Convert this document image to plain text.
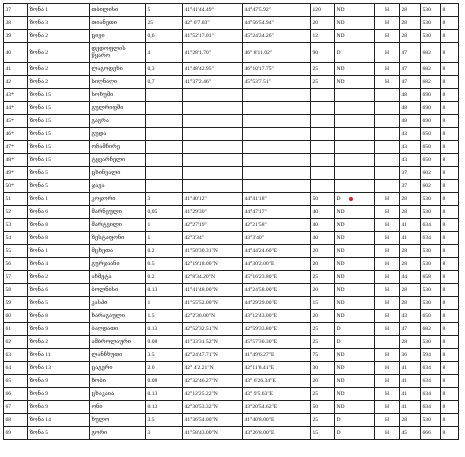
37	ზონა 1	თბილისი	5	41°41'44.49"	44°47'5.92"	120	ND	H	28	530	8
38	ზონა 3	თიანეთი	25	42° 6'7.03"	44°56'54.94"	20	ND	H	28	530	8
39	ზონა 2	ცივი	0,6	41°52'17.01"	45°24'34.26"	12	ND	H	28	530	8
40	ზონა 2	დედოფლის წყარო	4	41°28'1.70"	46° 8'11.02"	90	D	H	47	682	8
41	ზონა 2	ლაგოდეხი	0,3	41°48'42.95"	46°10'17.75"	25	ND	H	47	682	8
42	ზონა 2	სიღნაღი	0,7	41°37'2.46"	45°53'7.51"	25	ND	H	47	682	8
43*	ზონა 15	სოხუმი							48	690	8
44*	ზონა 15	გულრიფში							48	690	8
45*	ზონა 15	გაგრა							48	690	8
46*	ზონა 15	გუდა							43	650	8
47*	ზონა 15	ოჩამჩირე							43	650	8
48*	ზონა 15	ტყვარჩელი							43	650	8
49*	ზონა 5	ცხინვალი							37	602	8
50*	ზონა 5	ჯავა							37	602	8
51	ზონა 1	კოჯორი	3	41°40'12"	44°41'18"	50	D	H	28	530	8
52	ზონა 6	მარნეული	0,05	41°29'30"	44°47'17"	40	ND	H	28	530	8
53	ზონა 8	მარტვილი	1	42°27'19"	42°21'58"	40	ND	H	41	634	8
54	ზონა 8	ზესტაფონი	1	42°3'34"	43°3'40"	40	ND	H	41	634	8
55	ზონა 1	მცხეთა	0.2	41°50'30.31"N	44°44'24.60"E	20	ND	H	28	530	8
56	ზონა 4	გურჯაანი	0.5	42°19'18.00"N	44°30'2.00"E	20	ND	H	28	530	8
57	ზონა 2	ახმეტა	0.2	42°8'34.20"N	45°16'23.80"E	25	ND	H	44	658	8
58	ზონა 6	ბოლნისი	0.13	41°41'48.00"N	44°24'58.00"E	20	ND	H	28	530	8
59	ზონა 5	კასპი	1	41°55'52.00"N	44°29'29.00"E	15	ND	H	28	530	8
60	ზონა 8	ხარაგაული	1.5	42°2'30.00"N	43°12'43.00"E	20	ND	H	43	650	8
61	ზონა 9	ბაღდათი	0.13	42°52'32.51"N	42°59'33.80"E	25	D	H	47	682	8
62	ზონა 2	ამბროლაური	0.08	41°33'31.52"N	45°57'30.30"E	25	D		28	530	8
63	ზონა 11	ლანჩხუთი	3.5	42°24'47.71"N	41°49'6.27"E	75	ND	H	36	594	8
64	ზონა 13	ცაგერი	2.0	42° 4'2.21"N	42°11'8.41"E	30	ND	H	41	634	8
65	ზონა 9	ხობი	0.08	42°32'46.27"N	43° 6'26.34"E	20	ND	H	41	634	8
66	ზონა 9	ცხაკაია	0.13	42°12'25.22"N	43° 9'5.63"E	25	ND	H	41	634	8
67	ზონა 9	ონი	0.13	42°30'53.32"N	43°20'54.62"E	50	ND	H	41	634	8
68	ზონა 14	ხულო	3.5	41°36'54.00"N	41°40'8.00"E	25	D	H	28	530	8
69	ზონა 5	გორი	3	41°58'43.00"N	43°26'8.00"E	15	D	H	45	666	8
